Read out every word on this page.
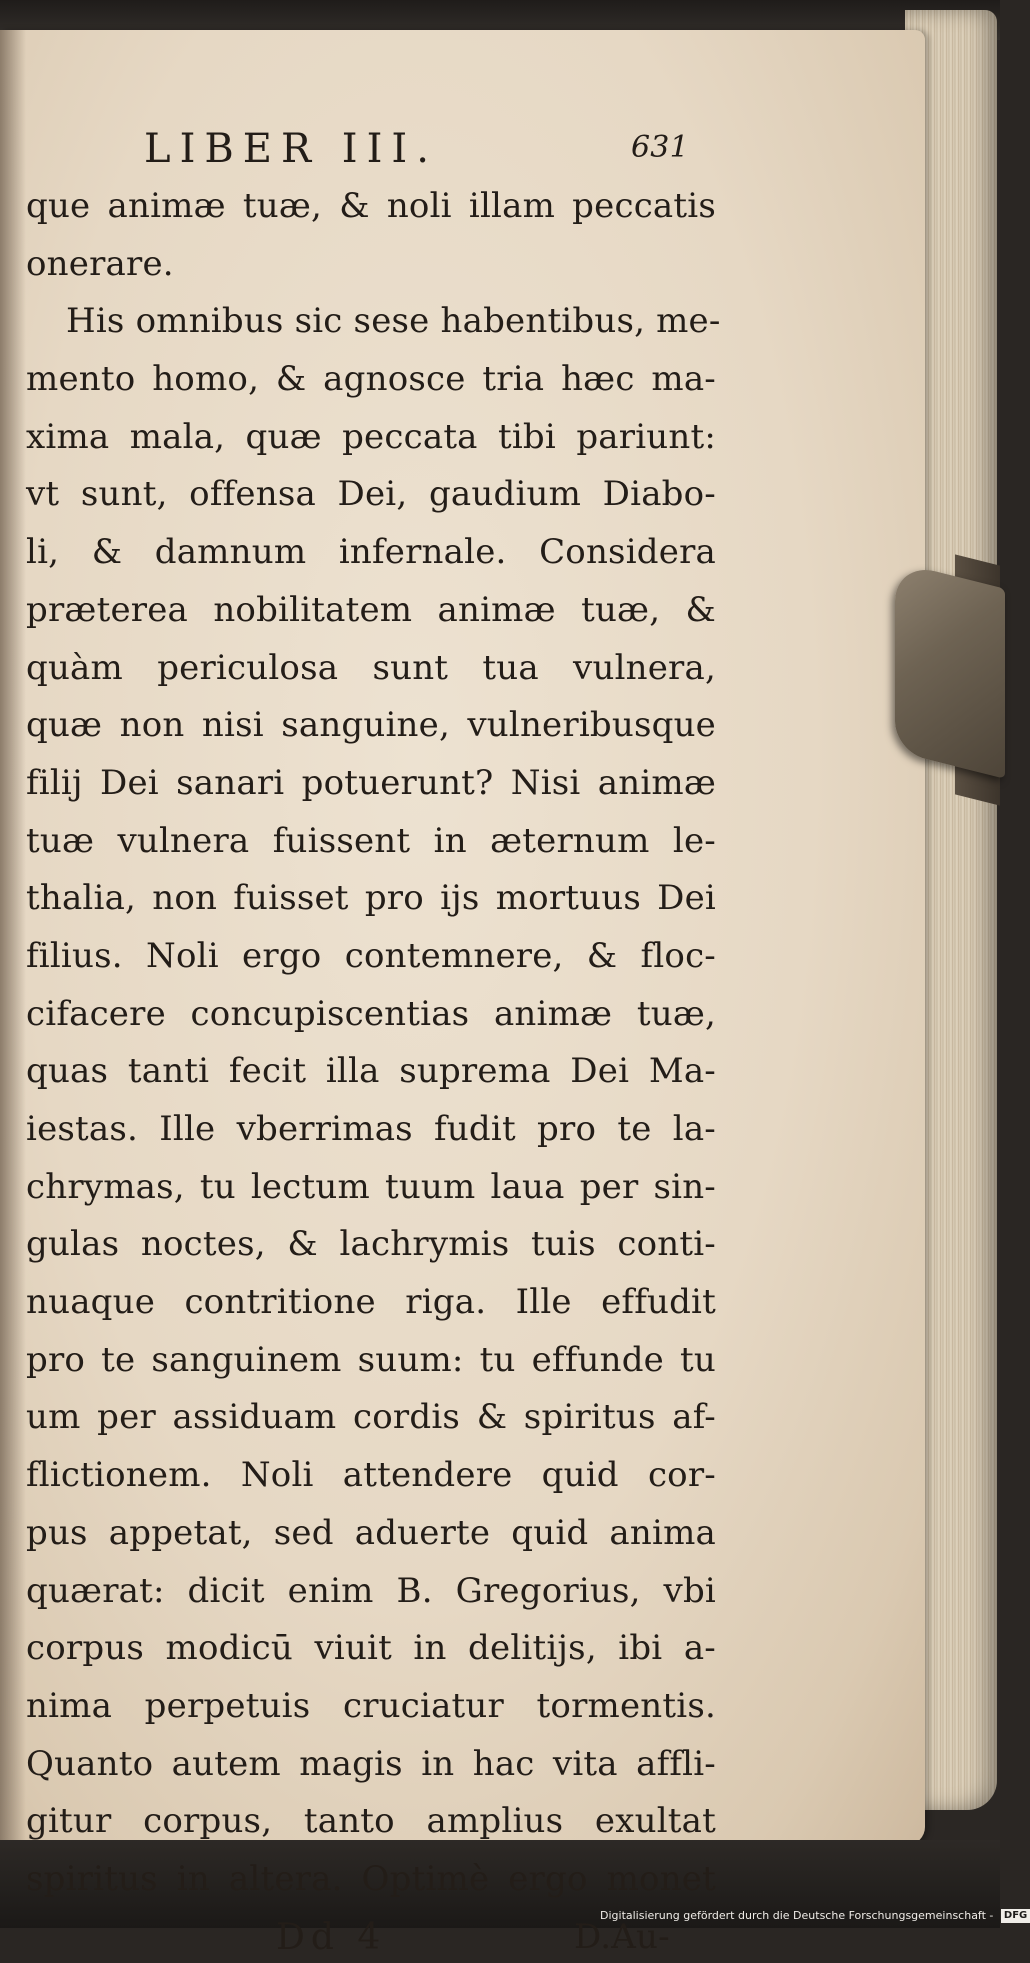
LIBER III.	631
que animæ tuæ, & noli illam peccatis
onerare.
His omnibus sic sese habentibus, me-
mento homo, & agnosce tria hæc ma-
xima mala, quæ peccata tibi pariunt:
vt sunt, offensa Dei, gaudium Diabo-
li, & damnum infernale. Considera
præterea nobilitatem animæ tuæ, &
quàm periculosa sunt tua vulnera,
quæ non nisi sanguine, vulneribusque
filij Dei sanari potuerunt? Nisi animæ
tuæ vulnera fuissent in æternum le-
thalia, non fuisset pro ijs mortuus Dei
filius. Noli ergo contemnere, & floc-
cifacere concupiscentias animæ tuæ,
quas tanti fecit illa suprema Dei Ma-
iestas. Ille vberrimas fudit pro te la-
chrymas, tu lectum tuum laua per sin-
gulas noctes, & lachrymis tuis conti-
nuaque contritione riga. Ille effudit
pro te sanguinem suum: tu effunde tu
um per assiduam cordis & spiritus af-
flictionem. Noli attendere quid cor-
pus appetat, sed aduerte quid anima
quærat: dicit enim B. Gregorius, vbi
corpus modicū viuit in delitijs, ibi a-
nima perpetuis cruciatur tormentis.
Quanto autem magis in hac vita affli-
gitur corpus, tanto amplius exultat
spiritus in altera. Optimè ergo monet
Dd 4	D.Au-
Digitalisierung gefördert durch die Deutsche Forschungsgemeinschaft - DFG
